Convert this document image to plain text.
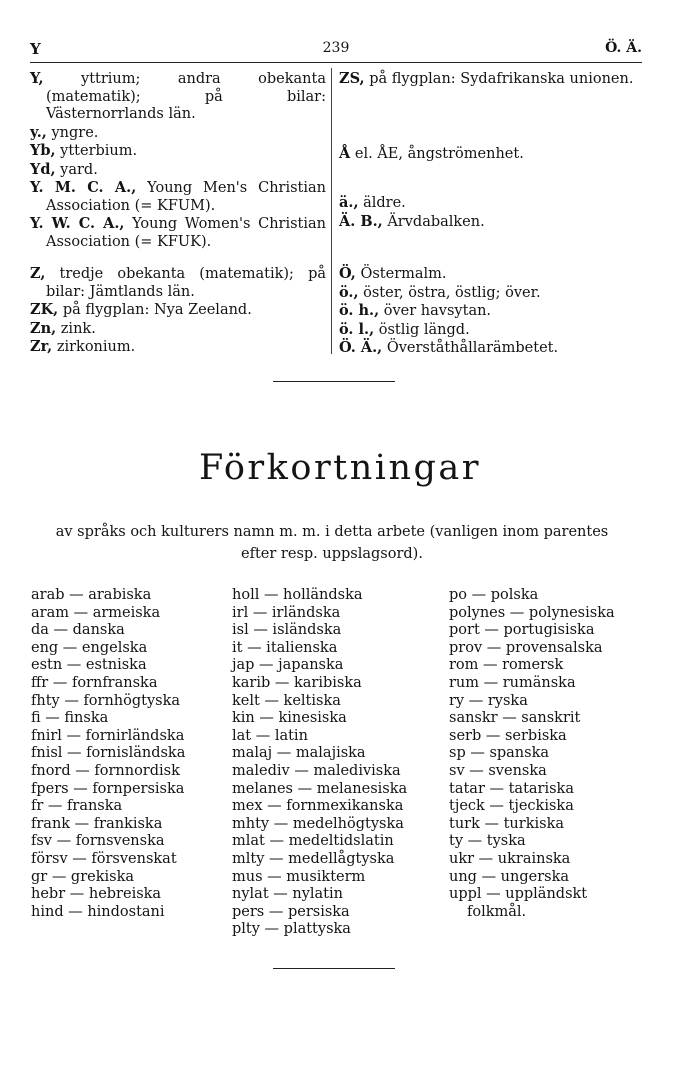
Y	239	Ö. Ä.
Y,	yttrium; andra obekanta (matematik); på bilar: Västernorrlands län.
y., yngre.
Yb, ytterbium.
Yd, yard.
Y. M. C. A., Young Men's Christian Association (= KFUM).
Y. W. C. A., Young Women's Christian Association (= KFUK).
Z, tredje obekanta (matematik); på bilar: Jämtlands län.
ZK, på flygplan: Nya Zeeland.
Zn, zink.
Zr, zirkonium.
ZS, på flygplan: Sydafrikanska unionen.
Å el. ÅE, ångströmenhet.
ä., äldre.
Ä. B., Ärvdabalken.
Ö, Östermalm.
ö., öster, östra, östlig; över.
ö. h., över havsytan.
ö. l., östlig längd.
Ö. Ä., Överståthållarämbetet.
Förkortningar
av språks och kulturers namn m. m. i detta arbete (vanligen inom parentes efter resp. uppslagsord).
arab — arabiska
aram — armeiska
da — danska
eng — engelska
estn — estniska
ffr — fornfranska
fhty — fornhögtyska
fi — finska
fnirl — fornirländska
fnisl — fornisländska
fnord — fornnordisk
fpers — fornpersiska
fr — franska
frank — frankiska
fsv — fornsvenska
försv — försvenskat
gr — grekiska
hebr — hebreiska
hind — hindostani
holl — holländska
irl — irländska
isl — isländska
it — italienska
jap — japanska
karib — karibiska
kelt — keltiska
kin — kinesiska
lat — latin
malaj — malajiska
malediv — malediviska
melanes — melanesiska
mex — fornmexikanska
mhty — medelhögtyska
mlat — medeltidslatin
mlty — medellågtyska
mus — musikterm
nylat — nylatin
pers — persiska
plty — plattyska
po — polska
polynes — polynesiska
port — portugisiska
prov — provensalska
rom — romersk
rum — rumänska
ry — ryska
sanskr — sanskrit
serb — serbiska
sp — spanska
sv — svenska
tatar — tatariska
tjeck — tjeckiska
turk — turkiska
ty — tyska
ukr — ukrainska
ung — ungerska
uppl — uppländskt
folkmål.
